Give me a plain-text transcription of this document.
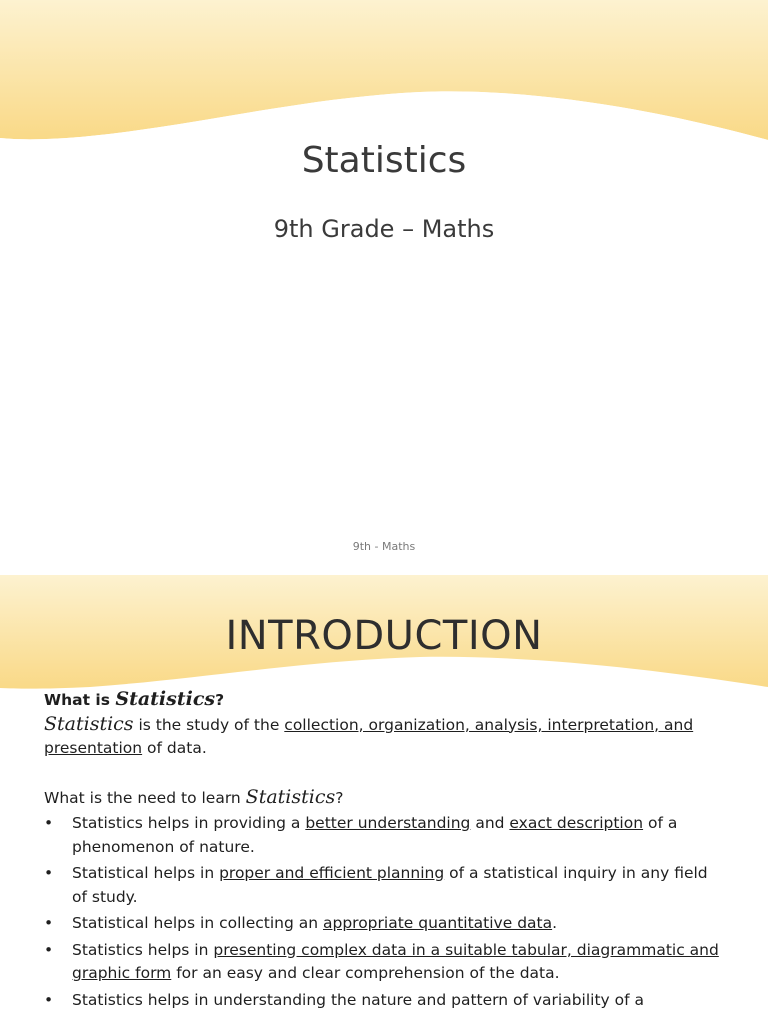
Statistics
9th Grade – Maths
9th - Maths
INTRODUCTION

What is Statistics?

Statistics is the study of the collection, organization, analysis, interpretation, and presentation of data.

What is the need to learn Statistics?

• Statistics helps in providing a better understanding and exact description of a phenomenon of nature.
• Statistical helps in proper and efficient planning of a statistical inquiry in any field of study.
• Statistical helps in collecting an appropriate quantitative data.
• Statistics helps in presenting complex data in a suitable tabular, diagrammatic and graphic form for an easy and clear comprehension of the data.
• Statistics helps in understanding the nature and pattern of variability of a
